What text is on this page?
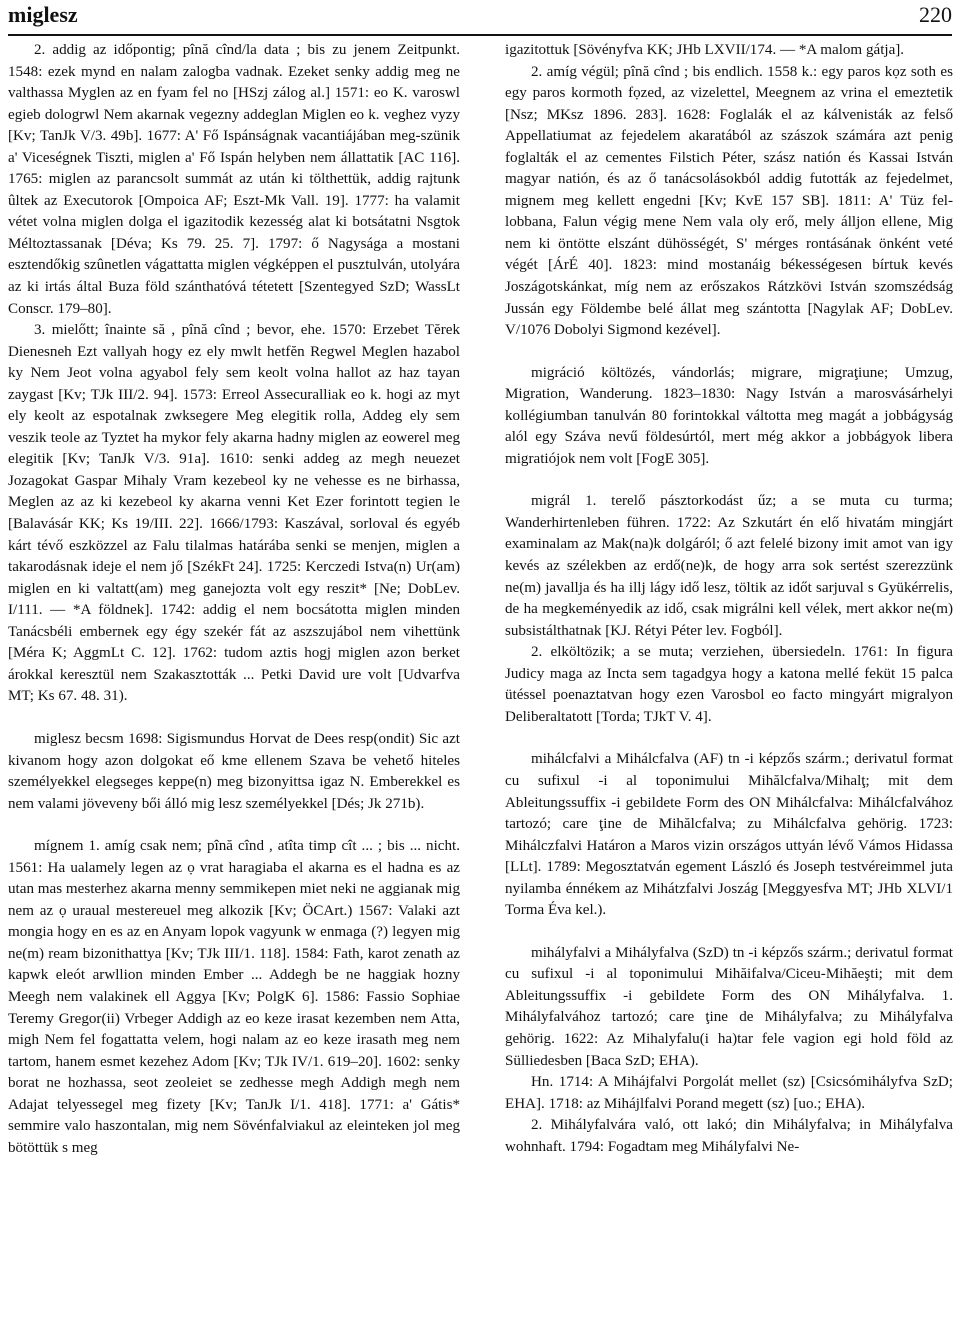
miglesz	220

2. addig az időpontig; pînă cînd/la data ; bis zu jenem Zeitpunkt. 1548: ezek mynd en nalam zalogba vadnak. Ezeket senky addig meg ne valthassa Myglen az en fyam fel no [HSzj zálog al.] 1571: eo K. varoswl egieb dologrwl Nem akarnak vegezny addeglan Miglen eo k. veghez vyzy [Kv; TanJk V/3. 49b]. 1677: A' Fő Ispánságnak vacantiájában meg-szünik a' Viceségnek Tiszti, miglen a' Fő Ispán helyben nem állattatik [AC 116]. 1765: miglen az parancsolt summát az után ki tölthettük, addig rajtunk ûltek az Executorok [Ompoica AF; Eszt-Mk Vall. 19]. 1777: ha valamit vétet volna miglen dolga el igazitodik kezesség alat ki botsátatni Nsgtok Méltoztassanak [Déva; Ks 79. 25. 7]. 1797: ő Nagysága a mostani esztendőkig szûnetlen vágattatta miglen végképpen el pusztulván, utolyára az ki irtás által Buza föld szánthatóvá tétetett [Szentegyed SzD; WassLt Conscr. 179–80].

3. mielőtt; înainte să , pînă cînd ; bevor, ehe. 1570: Erzebet Tĕrek Dienesneh Ezt vallyah hogy ez ely mwlt hetfĕn Regwel Meglen hazabol ky Nem Jeot volna agyabol fely sem keolt volna hallot az haz tayan zaygast [Kv; TJk III/2. 94]. 1573: Erreol Assecuralliak eo k. hogi az myt ely keolt az espotalnak zwksegere Meg elegitik rolla, Addeg ely sem veszik teole az Tyztet ha mykor fely akarna hadny miglen az eowerel meg elegitik [Kv; TanJk V/3. 91a]. 1610: senki addeg az megh neuezet Jozagokat Gaspar Mihaly Vram kezebeol ky ne vehesse es ne birhassa, Meglen az az ki kezebeol ky akarna venni Ket Ezer forintott tegien le [Balavásár KK; Ks 19/III. 22]. 1666/1793: Kaszával, sorloval és egyéb kárt tévő eszközzel az Falu tilalmas határába senki se menjen, miglen a takarodásnak ideje el nem jő [SzékFt 24]. 1725: Kerczedi Istva(n) Ur(am) miglen en ki valtatt(am) meg ganejozta volt egy reszit* [Ne; DobLev. I/111. — *A földnek]. 1742: addig el nem bocsátotta miglen minden Tanácsbéli embernek egy égy szekér fát az aszszujábol nem vihettünk [Méra K; AggmLt C. 12]. 1762: tudom aztis hogj miglen azon berket árokkal keresztül nem Szakasztották ... Petki David ure volt [Udvarfva MT; Ks 67. 48. 31).

miglesz becsm 1698: Sigismundus Horvat de Dees resp(ondit) Sic azt kivanom hogy azon dolgokat eő kme ellenem Szava be vehető hiteles személyekkel elegseges keppe(n) meg bizonyittsa igaz N. Emberekkel es nem valami jöveveny bői álló mig lesz személyekkel [Dés; Jk 271b).

mígnem 1. amíg csak nem; pînă cînd , atîta timp cît ... ; bis ... nicht. 1561: Ha ualamely legen az ọ vrat haragiaba el akarna es el hadna es az utan mas mesterhez akarna menny semmikepen miet neki ne aggianak mig nem az ọ uraual mestereuel meg alkozik [Kv; ÖCArt.) 1567: Valaki azt mongia hogy en es az en Anyam lopok vagyunk w enmaga (?) legyen mig ne(m) ream bizonithattya [Kv; TJk III/1. 118]. 1584: Fath, karot zenath az kapwk eleót arwllion minden Ember ... Addegh be ne haggiak hozny Meegh nem valakinek ell Aggya [Kv; PolgK 6]. 1586: Fassio Sophiae Teremy Gregor(ii) Vrbeger Addigh az eo keze irasat kezemben nem Atta, migh Nem fel fogattatta velem, hogi nalam az eo keze irasath meg nem tartom, hanem esmet kezehez Adom [Kv; TJk IV/1. 619–20]. 1602: senky borat ne hozhassa, seot zeoleiet se zedhesse megh Addigh megh nem Adajat telyessegel meg fizety [Kv; TanJk I/1. 418]. 1771: a' Gátis* semmire valo haszontalan, mig nem Sövénfalviakul az eleinteken jol meg bötöttük s meg

igazitottuk [Sövényfva KK; JHb LXVII/174. — *A malom gátja].

2. amíg végül; pînă cînd ; bis endlich. 1558 k.: egy paros kọz soth es egy paros kormoth fọzed, az vizelettel, Meegnem az vrina el emeztetik [Nsz; MKsz 1896. 283]. 1628: Foglalák el az kálvenisták az felső Appellatiumat az fejedelem akaratából az szászok számára azt penig foglalták el az cementes Filstich Péter, szász natión és Kassai István magyar natión, és az ő tanácsolásokból addig futották az fejedelmet, mignem meg kellett engedni [Kv; KvE 157 SB]. 1811: A' Tüz fel-lobbana, Falun végig mene Nem vala oly erő, mely álljon ellene, Mig nem ki öntötte elszánt dühösségét, S' mérges rontásának önként veté végét [ÁrÉ 40]. 1823: mind mostanáig békességesen bírtuk kevés Joszágotskánkat, míg nem az erőszakos Rátzkövi István szomszédság Jussán egy Földembe belé állat meg szántotta [Nagylak AF; DobLev. V/1076 Dobolyi Sigmond kezével].

migráció költözés, vándorlás; migrare, migraţiune; Umzug, Migration, Wanderung. 1823–1830: Nagy István a marosvásárhelyi kollégiumban tanulván 80 forintokkal váltotta meg magát a jobbágyság alól egy Száva nevű földesúrtól, mert még akkor a jobbágyok libera migratiójok nem volt [FogE 305].

migrál 1. terelő pásztorkodást űz; a se muta cu turma; Wanderhirtenleben führen. 1722: Az Szkutárt én elő hivatám mingjárt examinalam az Mak(na)k dolgáról; ő azt felelé bizony imit amot van igy kevés az szélekben az erdő(ne)k, de hogy arra sok sertést szerezzünk ne(m) javallja és ha illj lágy idő lesz, töltik az időt sarjuval s Gyükérrelis, de ha megkeményedik az idő, csak migrálni kell vélek, mert akkor ne(m) subsistálthatnak [KJ. Rétyi Péter lev. Fogból].

2. elköltözik; a se muta; verziehen, übersiedeln. 1761: In figura Judicy maga az Incta sem tagadgya hogy a katona mellé feküt 15 palca ütéssel poenaztatvan hogy ezen Varosbol eo facto mingyárt migralyon Deliberaltatott [Torda; TJkT V. 4].

mihálcfalvi a Mihálcfalva (AF) tn -i képzős szárm.; derivatul format cu sufixul -i al toponimului Mihălcfalva/Mihalţ; mit dem Ableitungssuffix -i gebildete Form des ON Mihálcfalva: Mihálcfalvához tartozó; care ţine de Mihălcfalva; zu Mihálcfalva gehörig. 1723: Mihálczfalvi Határon a Maros vizin országos uttyán lévő Vámos Hidassa [LLt]. 1789: Megosztatván egement László és Joseph testvéreimmel juta nyilamba énnékem az Mihátzfalvi Joszág [Meggyesfva MT; JHb XLVI/1 Torma Éva kel.).

mihályfalvi a Mihályfalva (SzD) tn -i képzős szárm.; derivatul format cu sufixul -i al toponimului Mihăifalva/Ciceu-Mihăeşti; mit dem Ableitungssuffix -i gebildete Form des ON Mihályfalva. 1. Mihályfalvához tartozó; care ţine de Mihályfalva; zu Mihályfalva gehörig. 1622: Az Mihalyfalu(i ha)tar fele vagion egi hold föld az Sülliedesben [Baca SzD; EHA).

Hn. 1714: A Mihájfalvi Porgolát mellet (sz) [Csicsómihályfva SzD; EHA]. 1718: az Mihájlfalvi Porand megett (sz) [uo.; EHA).

2. Mihályfalvára való, ott lakó; din Mihályfalva; in Mihályfalva wohnhaft. 1794: Fogadtam meg Mihályfalvi Ne-
